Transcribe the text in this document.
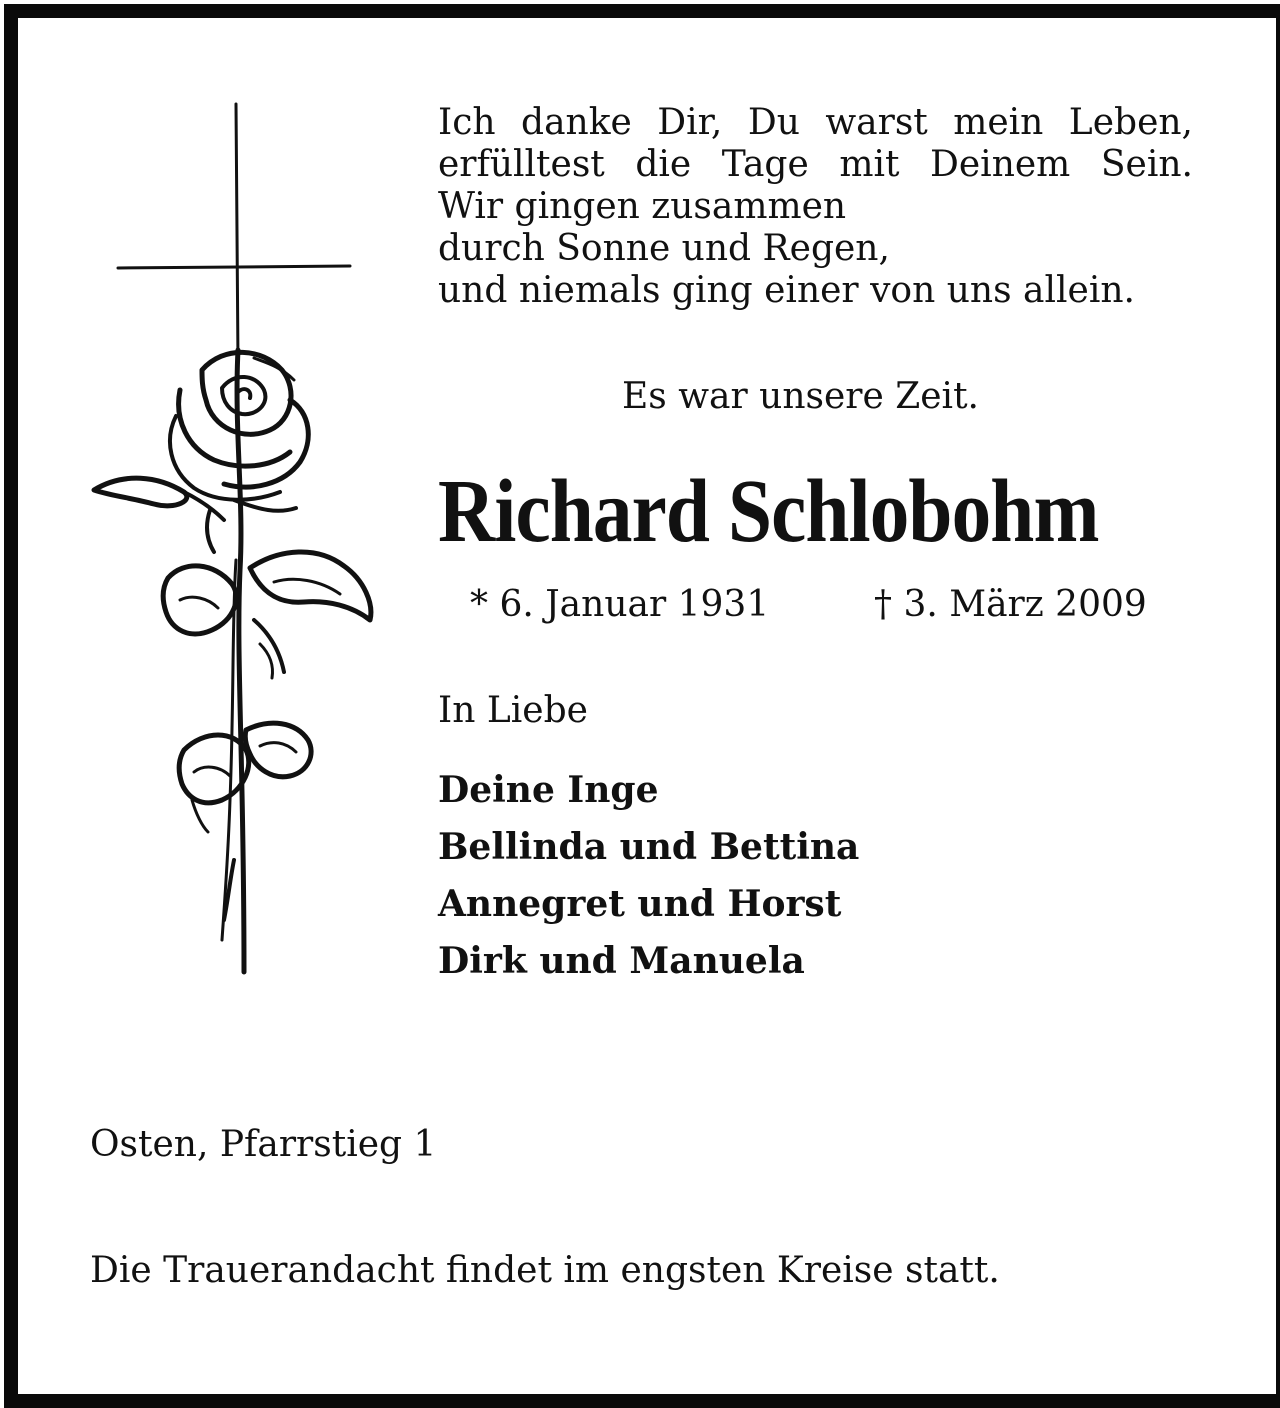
Ich danke Dir, Du warst mein Leben,
erfülltest die Tage mit Deinem Sein.
Wir gingen zusammen
durch Sonne und Regen,
und niemals ging einer von uns allein.
Es war unsere Zeit.
Richard Schlobohm
* 6. Januar 1931	† 3. März 2009
In Liebe
Deine Inge
Bellinda und Bettina
Annegret und Horst
Dirk und Manuela
Osten, Pfarrstieg 1
Die Trauerandacht findet im engsten Kreise statt.
